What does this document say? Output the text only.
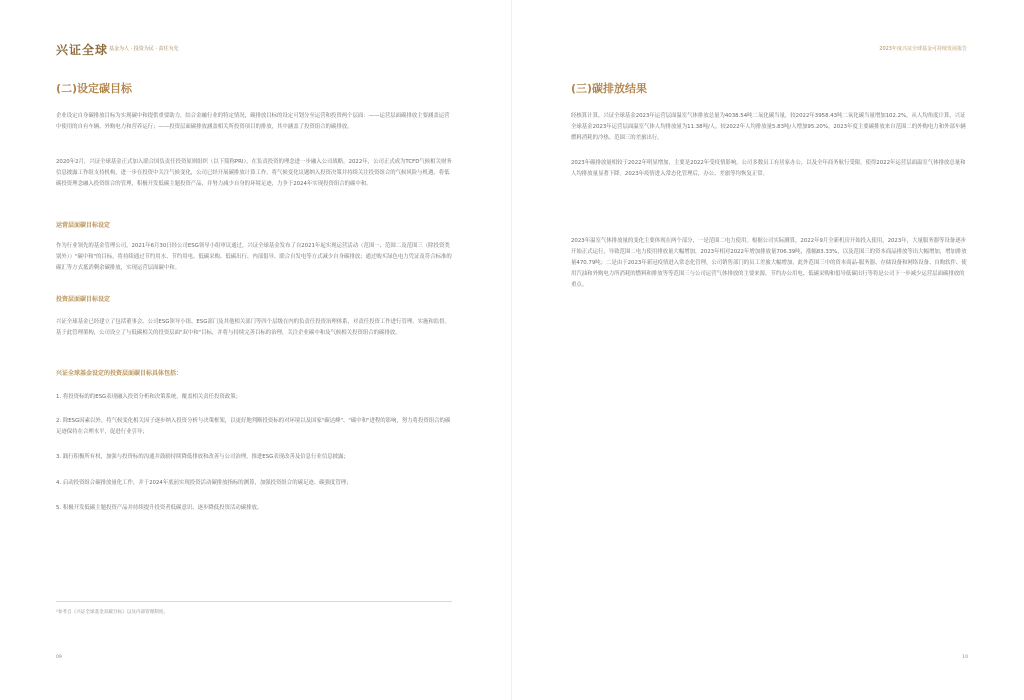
兴证全球 基金为人 · 投资为民 · 责任为先
(二)设定碳目标

企业设定自身碳排放目标为实现碳中和提供重要助力，结合金融行业的特定情况，碳排放目标的设定可划分至运营和投资两个层面：——运营层面碳排放主要涵盖运营中使用的自有车辆、外购电力和营养运行；——投资层面碳排放涵盖相关所投资项目的排放，其中涵盖了投资组合的碳排放。

2020年2月，兴证全球基金正式加入联合国负责任投资原则组织（以下简称PRI），在负责投资的理念进一步融入公司战略。2022年，公司正式成为TCFD气候相关财务信息披露工作组支持机构，进一步在投资中关注气候变化，公司已经开展碳排放计算工作，将气候变化议题纳入投资决策并持续关注投资组合的气候风险与机遇，将低碳投资理念融入投资组合的管理，积极开发低碳主题投资产品，并努力减少自身的环境足迹，力争于2024年实现投资组合的碳中和。

运营层面碳目标设定

作为行业领先的基金管理公司，2021年6月30日经公司ESG领导小组审议通过，兴证全球基金发布了自2021年起实现运营活动（范围一、范围二及范围三（除投资类别外））"碳中和"的目标，将持续通过节约用水、节约用电、低碳采购、低碳出行、内部倡导、联合自发电等方式减少自身碳排放；通过购买绿色电力凭证及符合标准的碳汇等方式抵消剩余碳排放，实现运营层面碳中和。

投资层面碳目标设定

兴证全球基金已经建立了包括董事会、公司ESG领导小组、ESG部门及其他相关部门等四个层级在内的负责任投资治理体系，对责任投资工作进行管理、实施和监督。基于此管理架构，公司设立了与低碳相关的投资层面"双中和"目标，并将与持续完善目标的治理，关注企业碳中和及气候相关投资组合的碳排放。

兴证全球基金设定的投资层面碳目标具体包括：

1. 将投资标的的ESG表现融入投资分析和决策系统，覆盖相关责任投资政策；

2. 除ESG因素以外，将气候变化相关因子逐步纳入投资分析与决策框架，以更好地判断投资标的对环境以及国家"碳达峰"、"碳中和"进程的影响，努力将投资组合的碳足迹保持在合理水平，促进行业引导；

3. 践行积极所有权，加强与投资标的沟通并鼓励持续降低排放和改善与公司治理，推进ESG表现改善及信息行业信息披露；

4. 启动投资组合碳排放量化工作，并于2024年底前实现投资活动碳排放指标的测算，加强投资组合的碳足迹、碳强度管理；

5. 积极开发低碳主题投资产品并持续提升投资者低碳意识，逐步降低投资活动碳排放。

¹参考自《兴证全球基金双碳目标》以及内部管理制度。
09
2023年度兴证全球基金可持续发展报告
(三)碳排放结果

经核算计算，兴证全球基金2023年运营层面温室气体排放总量为4038.54吨二氧化碳当量，较2022年3958.43吨二氧化碳当量增加102.2%，从人均角度计算，兴证全球基金2023年运营层面温室气体人均排放量为11.38吨/人，较2022年人均排放量5.83吨/人增加95.20%。2023年度主要碳排放来自范围二的外购电力和外部车辆燃料消耗的冷热、范围三的差旅出行。

2023年碳排放量相较于2022年明显增加，主要是2022年受疫情影响，公司多数员工有居家办公，以及全年商务航行受限，使得2022年运营层面温室气体排放总量和人均排放量显著下降。2023年疫情进入常态化管理后，办公、差旅等均恢复正常。

2023年温室气体排放量的变化主要体现在两个部分，一是范围二电力使用。根据公司实际测算，2022年9月全新机房开始投入使用，2023年，大量服务器等设备逐步开始正式运行，导致范围二电力使用排放量大幅增加，2023年相对2022年增加排放量706.39吨，涨幅83.33%，以及范围三的资本商品排放等出大幅增加，增加排放量470.79吨；二是由于2023年新冠疫情进入常态化管理，公司销售部门的员工差旅大幅增加，此外范围三中的资本商品-服务器、存储设备和网络设备、自购软件、使用汽油和外购电力所消耗的燃料和排放等等范围三与公司运营气体排放的主要来源。节约办公用电、低碳采购和倡导低碳出行等将是公司下一步减少运营层面碳排放的重点。

10
